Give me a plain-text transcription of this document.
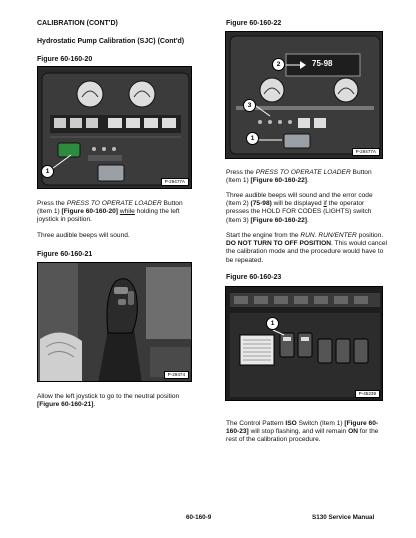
CALIBRATION (CONT'D)
Hydrostatic Pump Calibration (SJC) (Cont'd)
Figure 60-160-20
1
P-29477A
Press the PRESS TO OPERATE LOADER Button (Item 1) [Figure 60-160-20] while holding the left joystick in position.
Three audible beeps will sound.
Figure 60-160-21
P-29474
Allow the left joystick to go to the neutral position [Figure 60-160-21].
Figure 60-160-22
2	75-98
3
1
P-29477A
Press the PRESS TO OPERATE LOADER Button (Item 1) [Figure 60-160-22].
Three audible beeps will sound and the error code (Item 2) (75-98) will be displayed if the operator presses the HOLD FOR CODES (LIGHTS) switch (Item 3) [Figure 60-160-22].
Start the engine from the RUN. RUN/ENTER position. DO NOT TURN TO OFF POSITION. This would cancel the calibration mode and the procedure would have to be repeated.
Figure 60-160-23
1
P-45239
The Control Pattern ISO Switch (Item 1) [Figure 60-160-23] will stop flashing, and will remain ON for the rest of the calibration procedure.
60-160-9	S130 Service Manual
